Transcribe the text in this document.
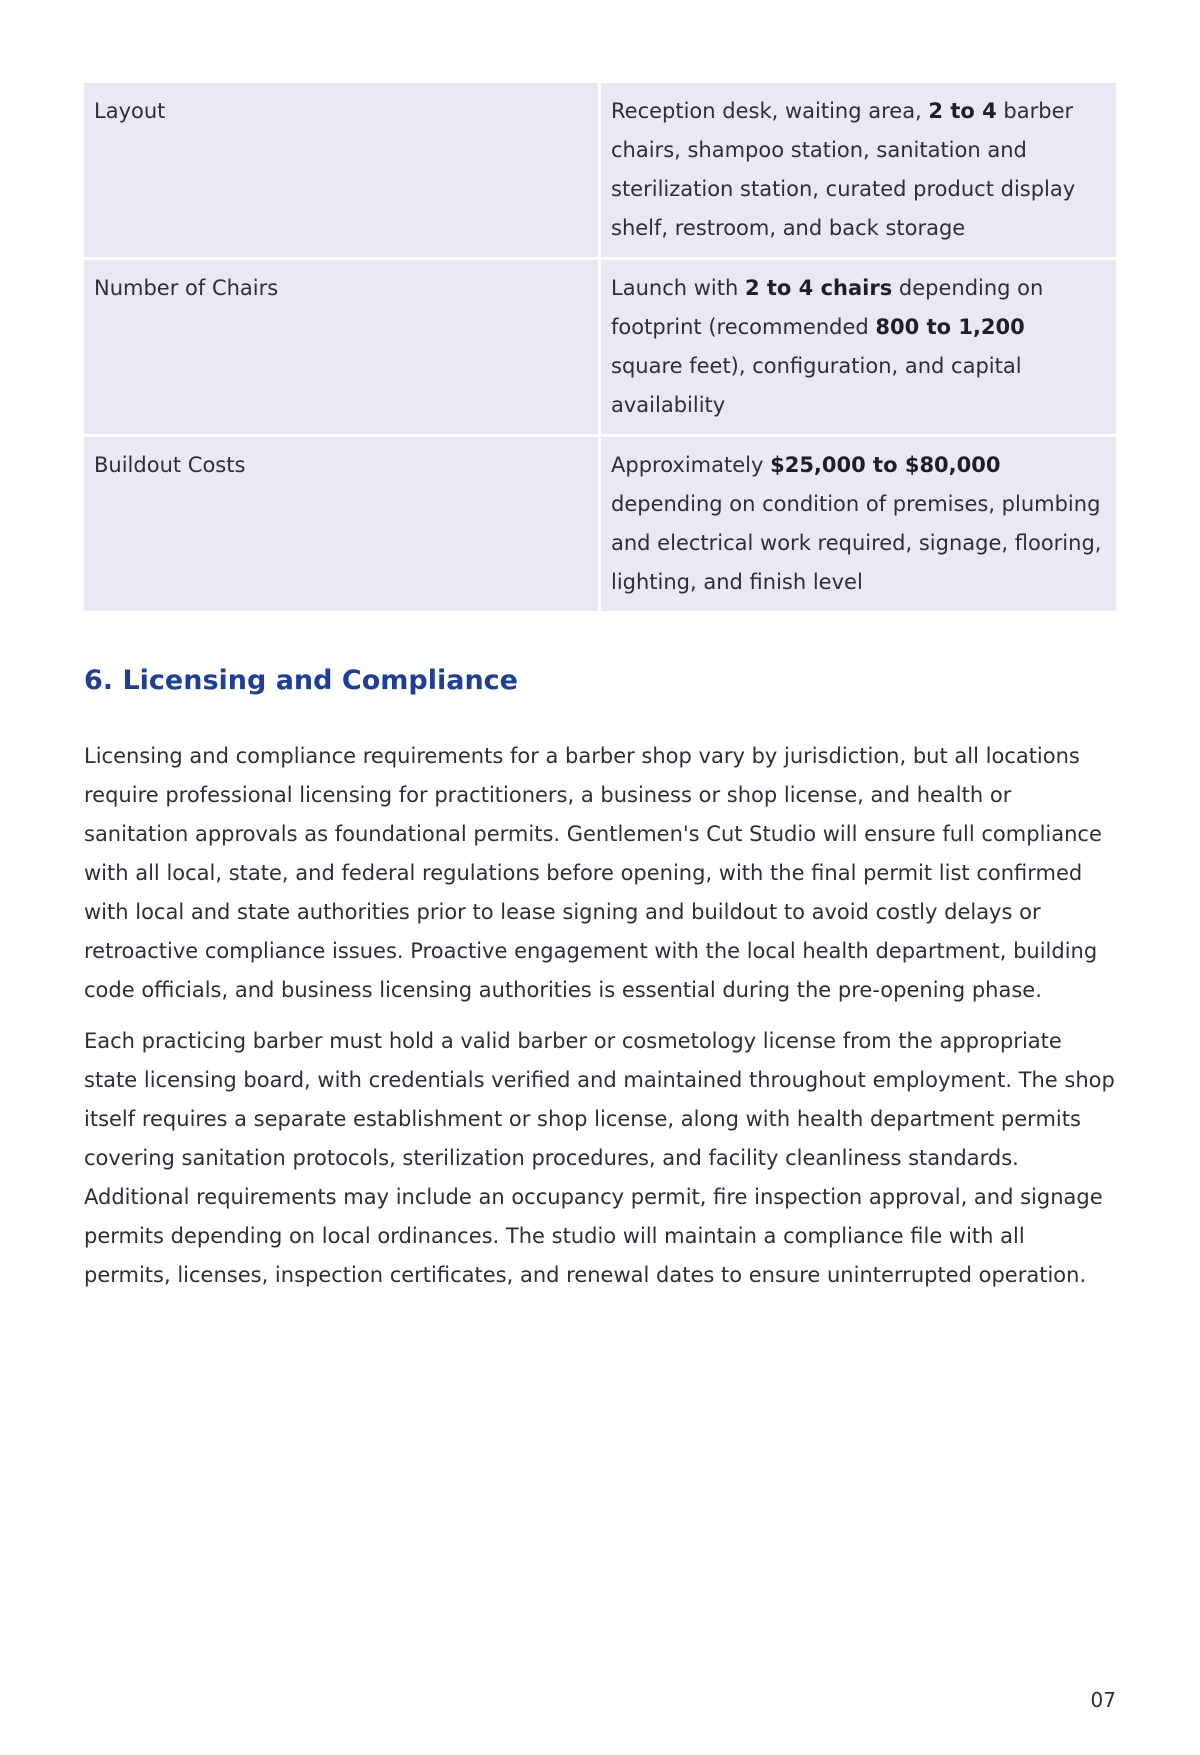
Layout	Reception desk, waiting area, 2 to 4 barber chairs, shampoo station, sanitation and sterilization station, curated product display shelf, restroom, and back storage
Number of Chairs	Launch with 2 to 4 chairs depending on footprint (recommended 800 to 1,200 square feet), configuration, and capital availability
Buildout Costs	Approximately $25,000 to $80,000 depending on condition of premises, plumbing and electrical work required, signage, flooring, lighting, and finish level
6. Licensing and Compliance

Licensing and compliance requirements for a barber shop vary by jurisdiction, but all locations require professional licensing for practitioners, a business or shop license, and health or sanitation approvals as foundational permits. Gentlemen's Cut Studio will ensure full compliance with all local, state, and federal regulations before opening, with the final permit list confirmed with local and state authorities prior to lease signing and buildout to avoid costly delays or retroactive compliance issues. Proactive engagement with the local health department, building code officials, and business licensing authorities is essential during the pre-opening phase.

Each practicing barber must hold a valid barber or cosmetology license from the appropriate state licensing board, with credentials verified and maintained throughout employment. The shop itself requires a separate establishment or shop license, along with health department permits covering sanitation protocols, sterilization procedures, and facility cleanliness standards. Additional requirements may include an occupancy permit, fire inspection approval, and signage permits depending on local ordinances. The studio will maintain a compliance file with all permits, licenses, inspection certificates, and renewal dates to ensure uninterrupted operation.

07
